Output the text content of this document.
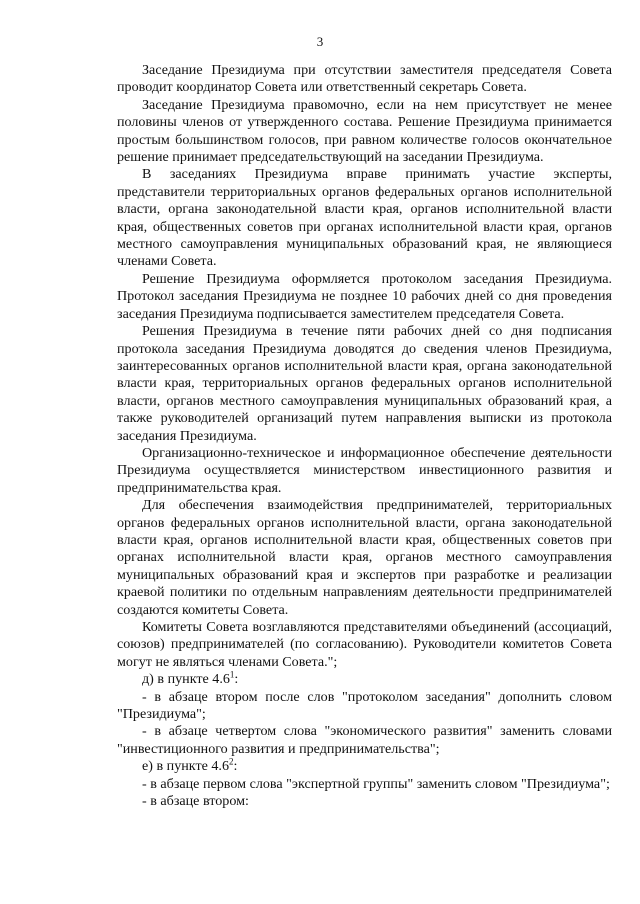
3

Заседание Президиума при отсутствии заместителя председателя Совета проводит координатор Совета или ответственный секретарь Совета.

Заседание Президиума правомочно, если на нем присутствует не менее половины членов от утвержденного состава. Решение Президиума принимается простым большинством голосов, при равном количестве голосов окончательное решение принимает председательствующий на заседании Президиума.

В заседаниях Президиума вправе принимать участие эксперты, представители территориальных органов федеральных органов исполнительной власти, органа законодательной власти края, органов исполнительной власти края, общественных советов при органах исполнительной власти края, органов местного самоуправления муниципальных образований края, не являющиеся членами Совета.

Решение Президиума оформляется протоколом заседания Президиума. Протокол заседания Президиума не позднее 10 рабочих дней со дня проведения заседания Президиума подписывается заместителем председателя Совета.

Решения Президиума в течение пяти рабочих дней со дня подписания протокола заседания Президиума доводятся до сведения членов Президиума, заинтересованных органов исполнительной власти края, органа законодательной власти края, территориальных органов федеральных органов исполнительной власти, органов местного самоуправления муниципальных образований края, а также руководителей организаций путем направления выписки из протокола заседания Президиума.

Организационно-техническое и информационное обеспечение деятельности Президиума осуществляется министерством инвестиционного развития и предпринимательства края.

Для обеспечения взаимодействия предпринимателей, территориальных органов федеральных органов исполнительной власти, органа законодательной власти края, органов исполнительной власти края, общественных советов при органах исполнительной власти края, органов местного самоуправления муниципальных образований края и экспертов при разработке и реализации краевой политики по отдельным направлениям деятельности предпринимателей создаются комитеты Совета.

Комитеты Совета возглавляются представителями объединений (ассоциаций, союзов) предпринимателей (по согласованию). Руководители комитетов Совета могут не являться членами Совета.";

д) в пункте $4.6^1$:

- в абзаце втором после слов "протоколом заседания" дополнить словом "Президиума";

- в абзаце четвертом слова "экономического развития" заменить словами "инвестиционного развития и предпринимательства";

е) в пункте $4.6^2$:

- в абзаце первом слова "экспертной группы" заменить словом "Президиума";

- в абзаце втором:
